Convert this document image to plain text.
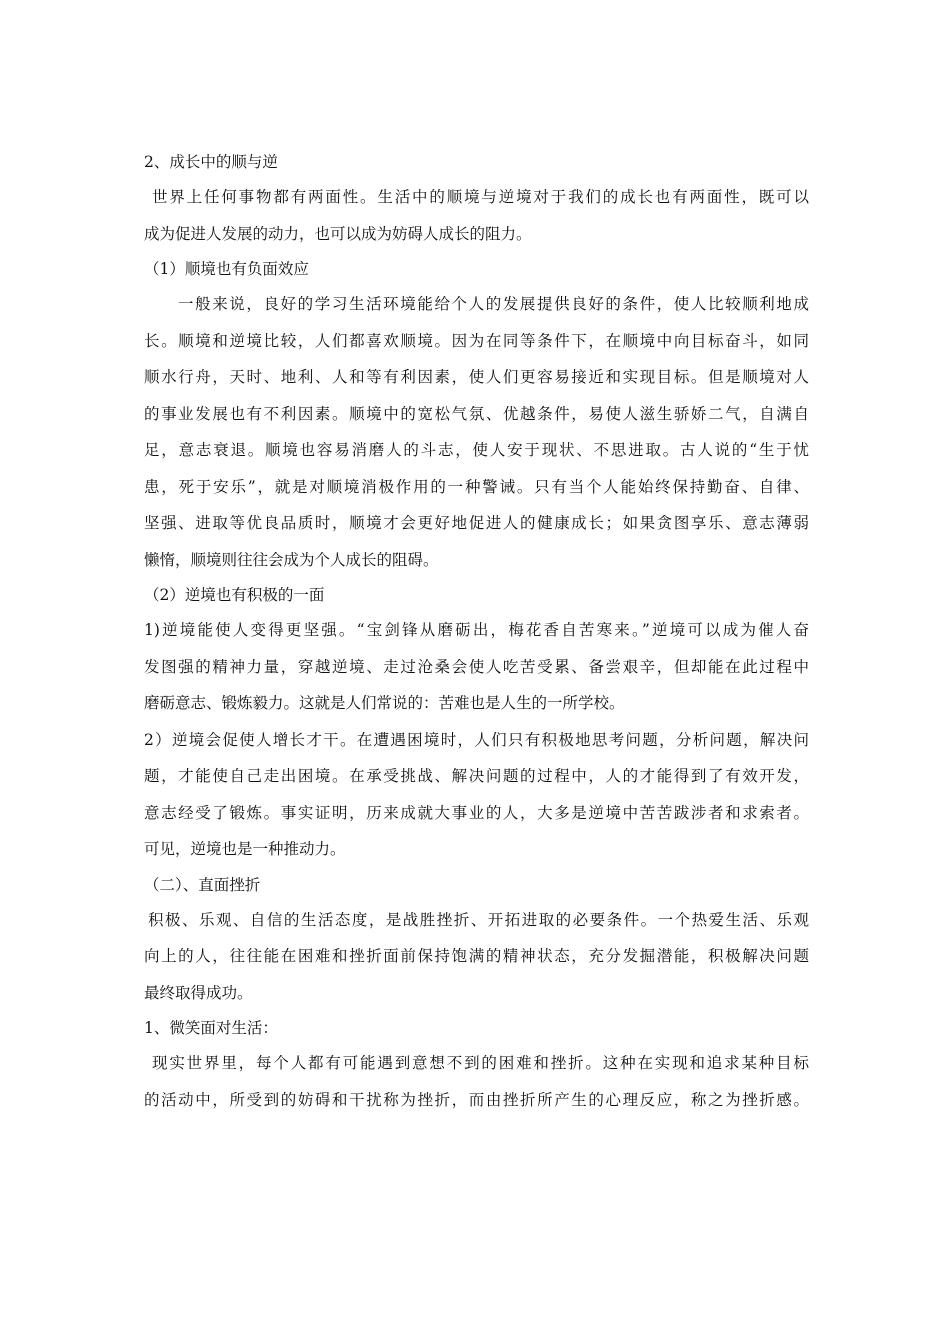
2、成长中的顺与逆
世界上任何事物都有两面性。生活中的顺境与逆境对于我们的成长也有两面性，既可以
成为促进人发展的动力，也可以成为妨碍人成长的阻力。
（1）顺境也有负面效应
一般来说，良好的学习生活环境能给个人的发展提供良好的条件，使人比较顺利地成
长。顺境和逆境比较，人们都喜欢顺境。因为在同等条件下，在顺境中向目标奋斗，如同
顺水行舟，天时、地利、人和等有利因素，使人们更容易接近和实现目标。但是顺境对人
的事业发展也有不利因素。顺境中的宽松气氛、优越条件，易使人滋生骄娇二气，自满自
足，意志衰退。顺境也容易消磨人的斗志，使人安于现状、不思进取。古人说的“生于忧
患，死于安乐”，就是对顺境消极作用的一种警诫。只有当个人能始终保持勤奋、自律、
坚强、进取等优良品质时，顺境才会更好地促进人的健康成长；如果贪图享乐、意志薄弱
懒惰，顺境则往往会成为个人成长的阻碍。
（2）逆境也有积极的一面
1)逆境能使人变得更坚强。“宝剑锋从磨砺出，梅花香自苦寒来。”逆境可以成为催人奋
发图强的精神力量，穿越逆境、走过沧桑会使人吃苦受累、备尝艰辛，但却能在此过程中
磨砺意志、锻炼毅力。这就是人们常说的：苦难也是人生的一所学校。
2）逆境会促使人增长才干。在遭遇困境时，人们只有积极地思考问题，分析问题，解决问
题，才能使自己走出困境。在承受挑战、解决问题的过程中，人的才能得到了有效开发，
意志经受了锻炼。事实证明，历来成就大事业的人，大多是逆境中苦苦跋涉者和求索者。
可见，逆境也是一种推动力。
（二）、直面挫折
积极、乐观、自信的生活态度，是战胜挫折、开拓进取的必要条件。一个热爱生活、乐观
向上的人，往往能在困难和挫折面前保持饱满的精神状态，充分发掘潜能，积极解决问题
最终取得成功。
1、微笑面对生活：
现实世界里，每个人都有可能遇到意想不到的困难和挫折。这种在实现和追求某种目标
的活动中，所受到的妨碍和干扰称为挫折，而由挫折所产生的心理反应，称之为挫折感。
